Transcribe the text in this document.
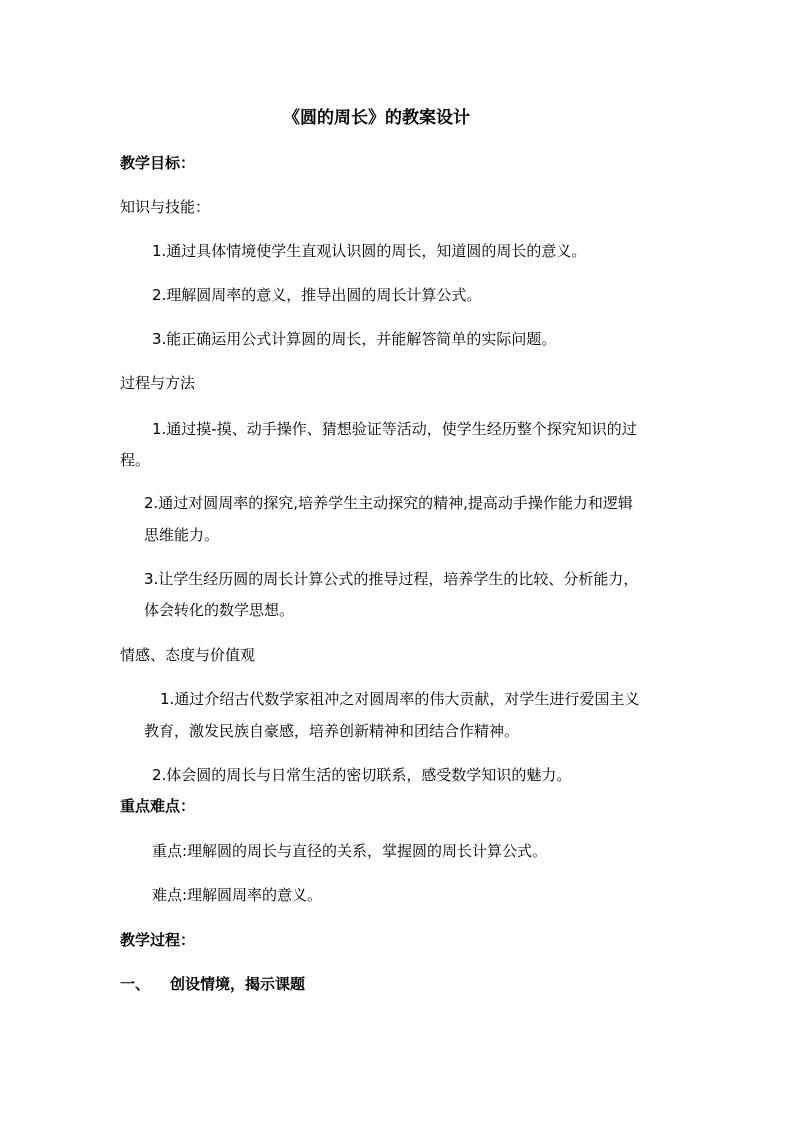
《圆的周长》的教案设计
教学目标：
知识与技能：
1.通过具体情境使学生直观认识圆的周长，知道圆的周长的意义。
2.理解圆周率的意义，推导出圆的周长计算公式。
3.能正确运用公式计算圆的周长，并能解答简单的实际问题。
过程与方法
1.通过摸-摸、动手操作、猜想验证等活动，使学生经历整个探究知识的过
程。
2.通过对圆周率的探究,培养学生主动探究的精神,提高动手操作能力和逻辑
思维能力。
3.让学生经历圆的周长计算公式的推导过程，培养学生的比较、分析能力，
体会转化的数学思想。
情感、态度与价值观
1.通过介绍古代数学家祖冲之对圆周率的伟大贡献，对学生进行爱国主义
教育，激发民族自豪感，培养创新精神和团结合作精神。
2.体会圆的周长与日常生活的密切联系，感受数学知识的魅力。
重点难点：
重点:理解圆的周长与直径的关系，掌握圆的周长计算公式。
难点:理解圆周率的意义。
教学过程：
一、 创设情境，揭示课题
